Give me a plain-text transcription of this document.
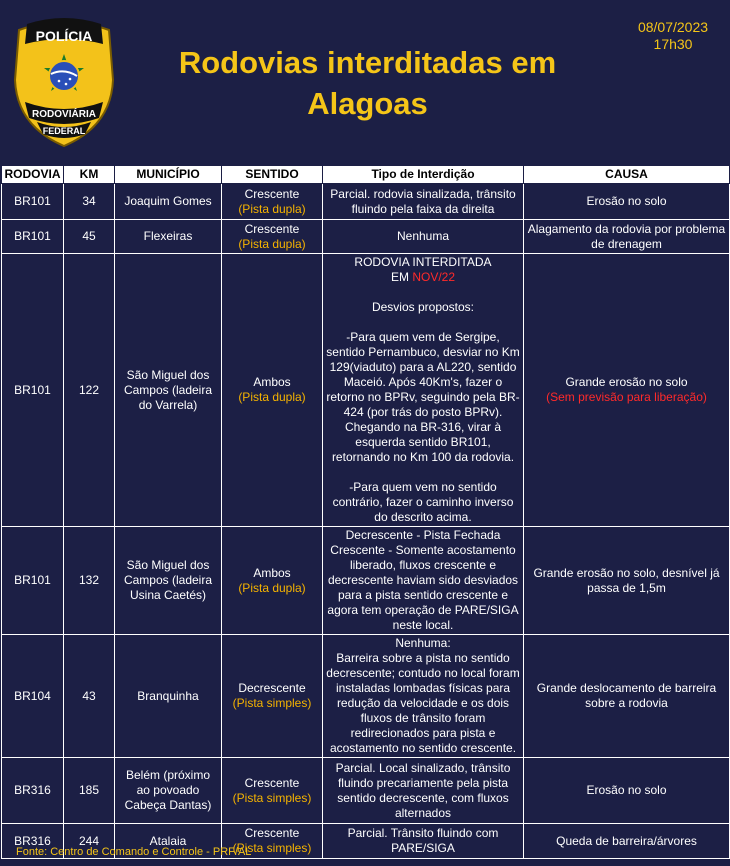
POLÍCIA
RODOVIÁRIA
FEDERAL
Rodovias interditadas em Alagoas
08/07/2023
17h30
RODOVIA	KM	MUNICÍPIO	SENTIDO	Tipo de Interdição	CAUSA
BR101	34	Joaquim Gomes	Crescente
(Pista dupla)	Parcial. rodovia sinalizada, trânsito fluindo pela faixa da direita	Erosão no solo
BR101	45	Flexeiras	Crescente
(Pista dupla)	Nenhuma	Alagamento da rodovia por problema de drenagem
BR101	122	São Miguel dos Campos (ladeira do Varrela)	Ambos
(Pista dupla)	RODOVIA INTERDITADA
EM NOV/22
Desvios propostos:
-Para quem vem de Sergipe, sentido Pernambuco, desviar no Km 129(viaduto) para a AL220, sentido Maceió. Após 40Km's, fazer o retorno no BPRv, seguindo pela BR-424 (por trás do posto BPRv). Chegando na BR-316, virar à esquerda sentido BR101, retornando no Km 100 da rodovia.
-Para quem vem no sentido contrário, fazer o caminho inverso do descrito acima.	Grande erosão no solo
(Sem previsão para liberação)

BR101	132	São Miguel dos Campos (ladeira Usina Caetés)	Ambos
(Pista dupla)	Decrescente - Pista Fechada Crescente - Somente acostamento liberado, fluxos crescente e decrescente haviam sido desviados para a pista sentido crescente e agora tem operação de PARE/SIGA neste local.	Grande erosão no solo, desnível já passa de 1,5m
BR104	43	Branquinha	Decrescente
(Pista simples)	Nenhuma:
Barreira sobre a pista no sentido decrescente; contudo no local foram instaladas lombadas físicas para redução da velocidade e os dois fluxos de trânsito foram redirecionados para pista e acostamento no sentido crescente.	Grande deslocamento de barreira sobre a rodovia
BR316	185	Belém (próximo ao povoado Cabeça Dantas)	Crescente
(Pista simples)	Parcial. Local sinalizado, trânsito fluindo precariamente pela pista sentido decrescente, com fluxos alternados	Erosão no solo
BR316	244	Atalaia	Crescente
(Pista simples)	Parcial. Trânsito fluindo com PARE/SIGA	Queda de barreira/árvores
Fonte: Centro de Comando e Controle - PRF/AL
